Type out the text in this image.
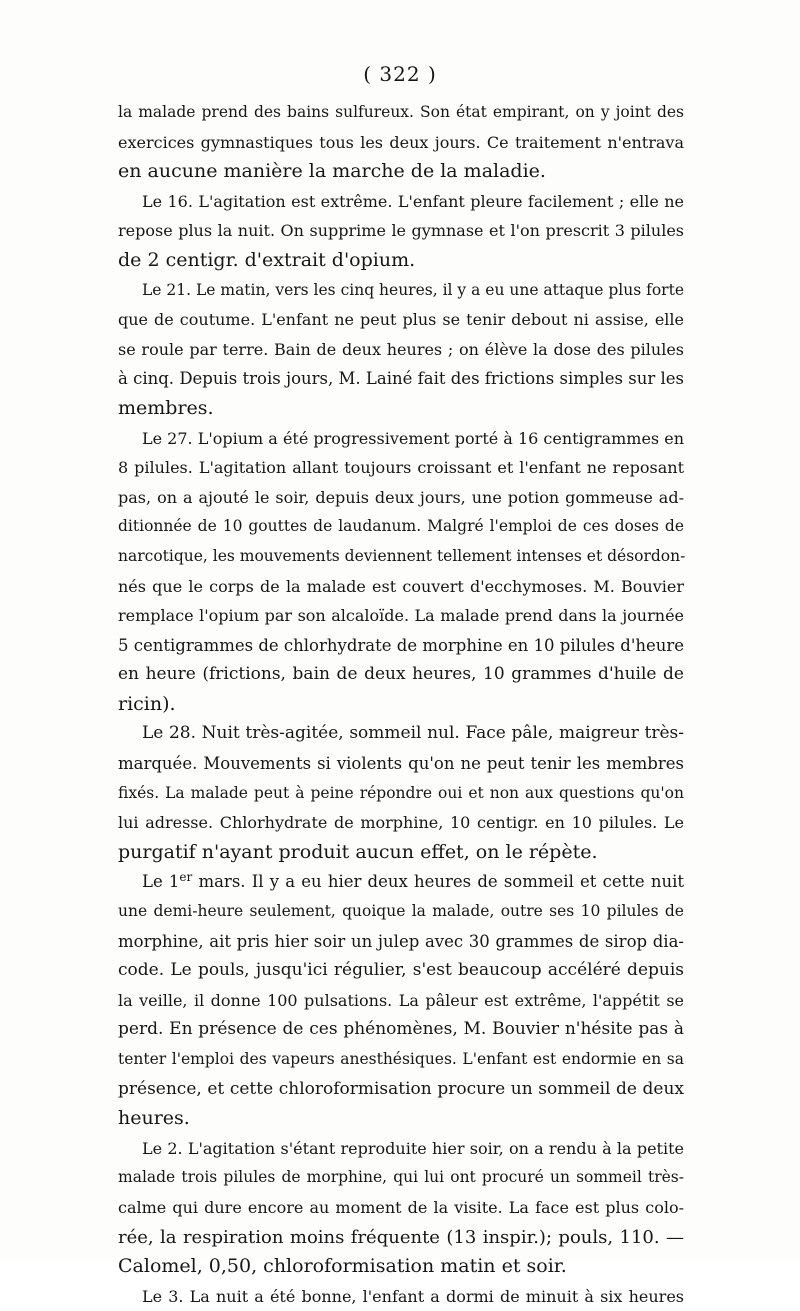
( 322 )
la malade prend des bains sulfureux. Son état empirant, on y joint des
exercices gymnastiques tous les deux jours. Ce traitement n'entrava
en aucune manière la marche de la maladie.
Le 16. L'agitation est extrême. L'enfant pleure facilement ; elle ne
repose plus la nuit. On supprime le gymnase et l'on prescrit 3 pilules
de 2 centigr. d'extrait d'opium.
Le 21. Le matin, vers les cinq heures, il y a eu une attaque plus forte
que de coutume. L'enfant ne peut plus se tenir debout ni assise, elle
se roule par terre. Bain de deux heures ; on élève la dose des pilules
à cinq. Depuis trois jours, M. Lainé fait des frictions simples sur les
membres.
Le 27. L'opium a été progressivement porté à 16 centigrammes en
8 pilules. L'agitation allant toujours croissant et l'enfant ne reposant
pas, on a ajouté le soir, depuis deux jours, une potion gommeuse ad-
ditionnée de 10 gouttes de laudanum. Malgré l'emploi de ces doses de
narcotique, les mouvements deviennent tellement intenses et désordon-
nés que le corps de la malade est couvert d'ecchymoses. M. Bouvier
remplace l'opium par son alcaloïde. La malade prend dans la journée
5 centigrammes de chlorhydrate de morphine en 10 pilules d'heure
en heure (frictions, bain de deux heures, 10 grammes d'huile de
ricin).
Le 28. Nuit très-agitée, sommeil nul. Face pâle, maigreur très-
marquée. Mouvements si violents qu'on ne peut tenir les membres
fixés. La malade peut à peine répondre oui et non aux questions qu'on
lui adresse. Chlorhydrate de morphine, 10 centigr. en 10 pilules. Le
purgatif n'ayant produit aucun effet, on le répète.
Le 1er mars. Il y a eu hier deux heures de sommeil et cette nuit
une demi-heure seulement, quoique la malade, outre ses 10 pilules de
morphine, ait pris hier soir un julep avec 30 grammes de sirop dia-
code. Le pouls, jusqu'ici régulier, s'est beaucoup accéléré depuis
la veille, il donne 100 pulsations. La pâleur est extrême, l'appétit se
perd. En présence de ces phénomènes, M. Bouvier n'hésite pas à
tenter l'emploi des vapeurs anesthésiques. L'enfant est endormie en sa
présence, et cette chloroformisation procure un sommeil de deux
heures.
Le 2. L'agitation s'étant reproduite hier soir, on a rendu à la petite
malade trois pilules de morphine, qui lui ont procuré un sommeil très-
calme qui dure encore au moment de la visite. La face est plus colo-
rée, la respiration moins fréquente (13 inspir.); pouls, 110. —
Calomel, 0,50, chloroformisation matin et soir.
Le 3. La nuit a été bonne, l'enfant a dormi de minuit à six heures
